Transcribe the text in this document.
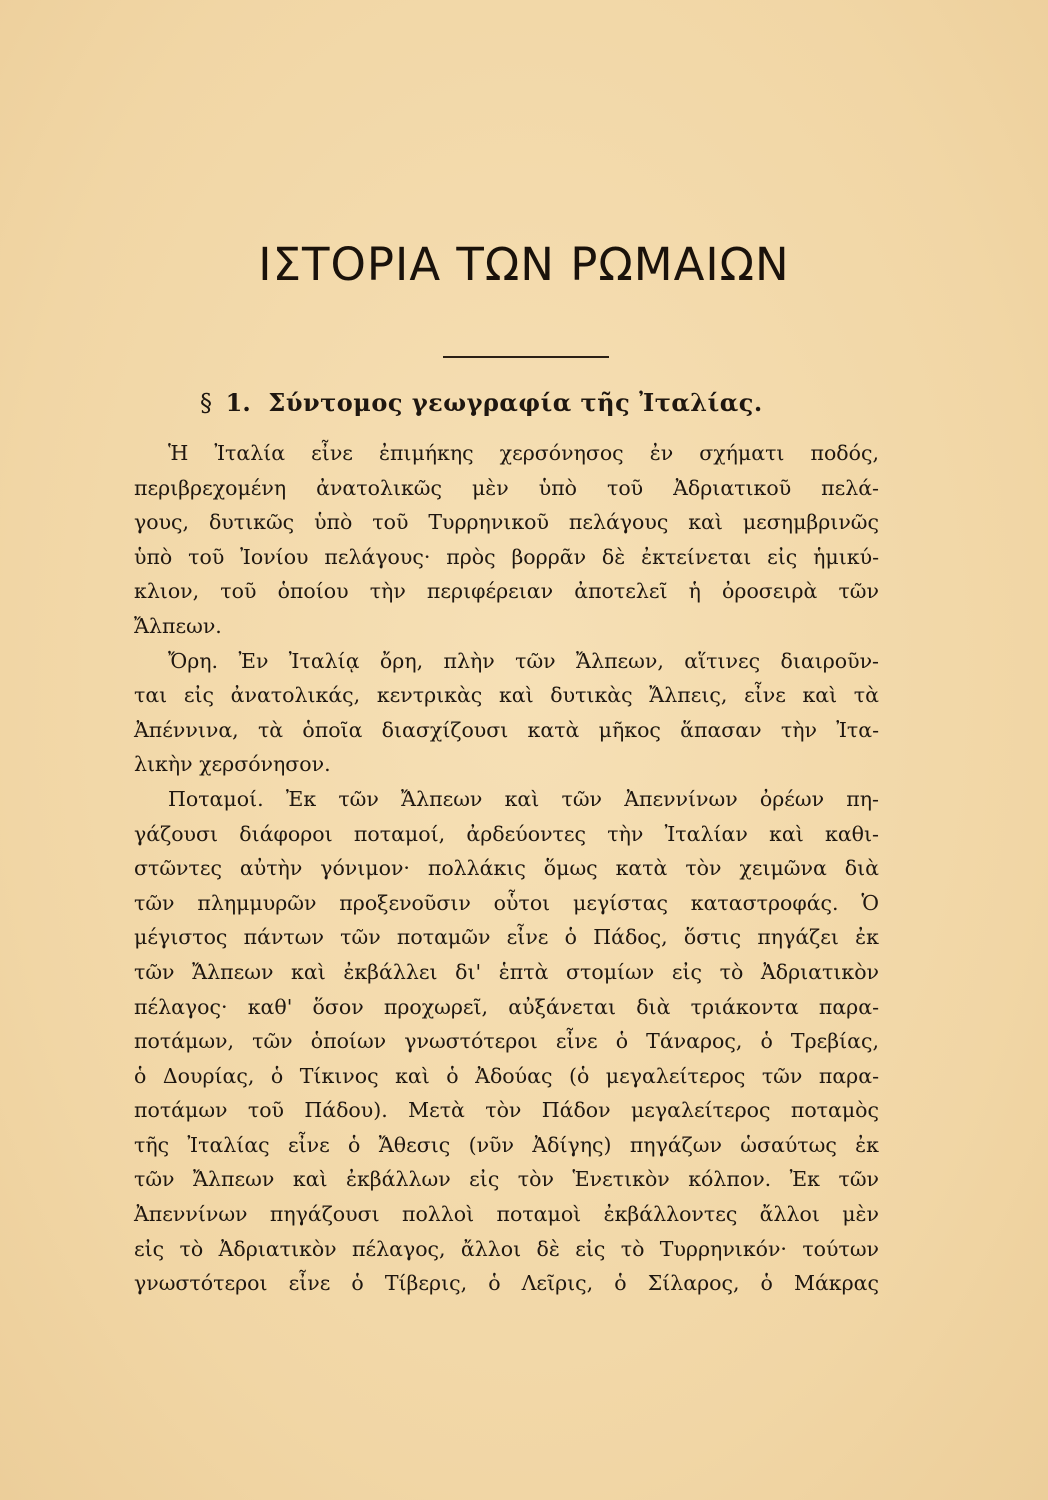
ΙΣΤΟΡΙΑ ΤΩΝ ΡΩΜΑΙΩΝ
§ 1. Σύντομος γεωγραφία τῆς Ἰταλίας.
Ἡ Ἰταλία εἶνε ἐπιμήκης χερσόνησος ἐν σχήματι ποδός,
περιβρεχομένη ἀνατολικῶς μὲν ὑπὸ τοῦ Ἀδριατικοῦ πελά-
γους, δυτικῶς ὑπὸ τοῦ Τυρρηνικοῦ πελάγους καὶ μεσημβρινῶς
ὑπὸ τοῦ Ἰονίου πελάγους· πρὸς βορρᾶν δὲ ἐκτείνεται εἰς ἡμικύ-
κλιον, τοῦ ὁποίου τὴν περιφέρειαν ἀποτελεῖ ἡ ὀροσειρὰ τῶν
Ἄλπεων.
Ὄρη. Ἐν Ἰταλίᾳ ὄρη, πλὴν τῶν Ἄλπεων, αἵτινες διαιροῦν-
ται εἰς ἀνατολικάς, κεντρικὰς καὶ δυτικὰς Ἄλπεις, εἶνε καὶ τὰ
Ἀπέννινα, τὰ ὁποῖα διασχίζουσι κατὰ μῆκος ἅπασαν τὴν Ἰτα-
λικὴν χερσόνησον.
Ποταμοί. Ἐκ τῶν Ἄλπεων καὶ τῶν Ἀπεννίνων ὀρέων πη-
γάζουσι διάφοροι ποταμοί, ἀρδεύοντες τὴν Ἰταλίαν καὶ καθι-
στῶντες αὐτὴν γόνιμον· πολλάκις ὅμως κατὰ τὸν χειμῶνα διὰ
τῶν πλημμυρῶν προξενοῦσιν οὗτοι μεγίστας καταστροφάς. Ὁ
μέγιστος πάντων τῶν ποταμῶν εἶνε ὁ Πάδος, ὅστις πηγάζει ἐκ
τῶν Ἄλπεων καὶ ἐκβάλλει δι' ἑπτὰ στομίων εἰς τὸ Ἀδριατικὸν
πέλαγος· καθ' ὅσον προχωρεῖ, αὐξάνεται διὰ τριάκοντα παρα-
ποτάμων, τῶν ὁποίων γνωστότεροι εἶνε ὁ Τάναρος, ὁ Τρεβίας,
ὁ Δουρίας, ὁ Τίκινος καὶ ὁ Ἀδούας (ὁ μεγαλείτερος τῶν παρα-
ποτάμων τοῦ Πάδου). Μετὰ τὸν Πάδον μεγαλείτερος ποταμὸς
τῆς Ἰταλίας εἶνε ὁ Ἄθεσις (νῦν Ἀδίγης) πηγάζων ὡσαύτως ἐκ
τῶν Ἄλπεων καὶ ἐκβάλλων εἰς τὸν Ἑνετικὸν κόλπον. Ἐκ τῶν
Ἀπεννίνων πηγάζουσι πολλοὶ ποταμοὶ ἐκβάλλοντες ἄλλοι μὲν
εἰς τὸ Ἀδριατικὸν πέλαγος, ἄλλοι δὲ εἰς τὸ Τυρρηνικόν· τούτων
γνωστότεροι εἶνε ὁ Τίβερις, ὁ Λεῖρις, ὁ Σίλαρος, ὁ Μάκρας
